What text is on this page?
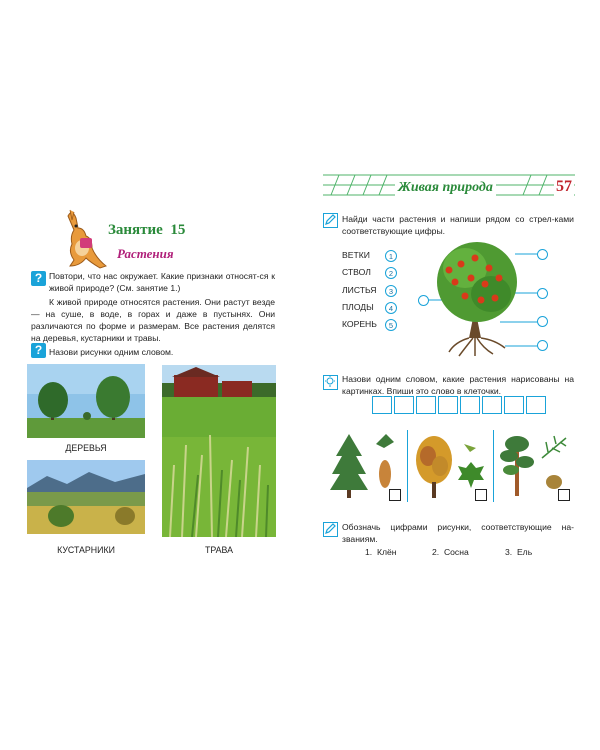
Занятие  15
Растения
? Повтори, что нас окружает. Какие признаки относят-ся к живой природе? (См. занятие 1.)
К живой природе относятся растения. Они растут везде — на суше, в воде, в горах и даже в пустынях. Они различаются по форме и размерам. Все растения делятся на деревья, кустарники и травы.
? Назови рисунки одним словом.
ДЕРЕВЬЯ
КУСТАРНИКИ	ТРАВА
Живая природа	57
Найди части растения и напиши рядом со стрел-ками соответствующие цифры.
ВЕТКИ	1
СТВОЛ	2
ЛИСТЬЯ	3
ПЛОДЫ	4
КОРЕНЬ	5
Назови одним словом, какие растения нарисованы на картинках. Впиши это слово в клеточки.
Обозначь цифрами рисунки, соответствующие на-званиям.
1.  Клён	2.  Сосна	3.  Ель
